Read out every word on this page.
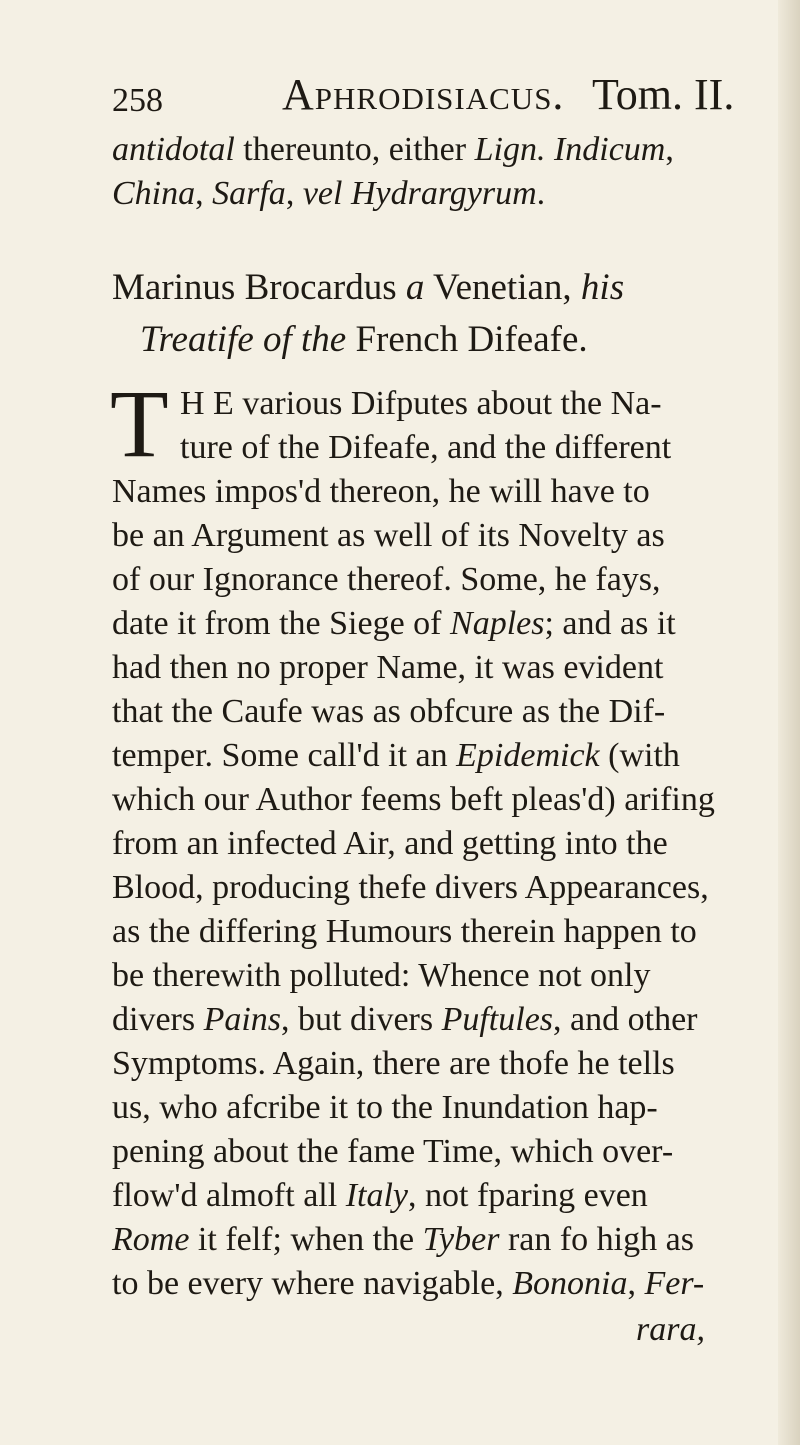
258	Aphrodisiacus. Tom. II.
antidotal thereunto, either Lign. Indicum,
China, Sarfa, vel Hydrargyrum.
Marinus Brocardus a Venetian, his
Treatife of the French Difeafe.
T H E various Difputes about the Na-
ture of the Difeafe, and the different
Names impos'd thereon, he will have to
be an Argument as well of its Novelty as
of our Ignorance thereof. Some, he fays,
date it from the Siege of Naples; and as it
had then no proper Name, it was evident
that the Caufe was as obfcure as the Dif-
temper. Some call'd it an Epidemick (with
which our Author feems beft pleas'd) arifing
from an infected Air, and getting into the
Blood, producing thefe divers Appearances,
as the differing Humours therein happen to
be therewith polluted: Whence not only
divers Pains, but divers Puftules, and other
Symptoms. Again, there are thofe he tells
us, who afcribe it to the Inundation hap-
pening about the fame Time, which over-
flow'd almoft all Italy, not fparing even
Rome it felf; when the Tyber ran fo high as
to be every where navigable, Bononia, Fer-
rara,
